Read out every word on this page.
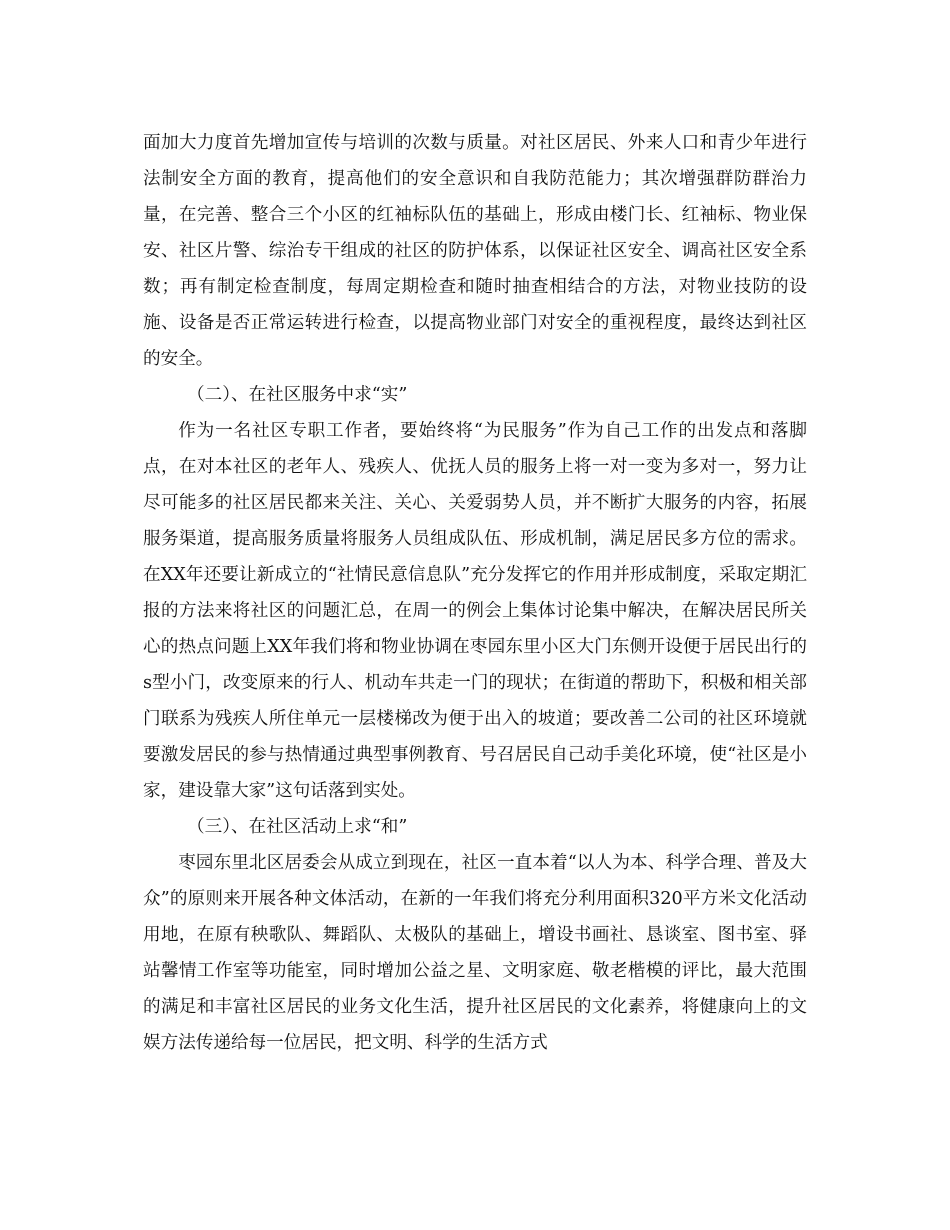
面加大力度首先增加宣传与培训的次数与质量。对社区居民、外来人口和青少年进行法制安全方面的教育，提高他们的安全意识和自我防范能力；其次增强群防群治力量，在完善、整合三个小区的红袖标队伍的基础上，形成由楼门长、红袖标、物业保安、社区片警、综治专干组成的社区的防护体系，以保证社区安全、调高社区安全系数；再有制定检查制度，每周定期检查和随时抽查相结合的方法，对物业技防的设施、设备是否正常运转进行检查，以提高物业部门对安全的重视程度，最终达到社区的安全。

（二）、在社区服务中求“实”

作为一名社区专职工作者，要始终将“为民服务”作为自己工作的出发点和落脚点，在对本社区的老年人、残疾人、优抚人员的服务上将一对一变为多对一，努力让尽可能多的社区居民都来关注、关心、关爱弱势人员，并不断扩大服务的内容，拓展服务渠道，提高服务质量将服务人员组成队伍、形成机制，满足居民多方位的需求。在XX年还要让新成立的“社情民意信息队”充分发挥它的作用并形成制度，采取定期汇报的方法来将社区的问题汇总，在周一的例会上集体讨论集中解决，在解决居民所关心的热点问题上XX年我们将和物业协调在枣园东里小区大门东侧开设便于居民出行的s型小门，改变原来的行人、机动车共走一门的现状；在街道的帮助下，积极和相关部门联系为残疾人所住单元一层楼梯改为便于出入的坡道；要改善二公司的社区环境就要激发居民的参与热情通过典型事例教育、号召居民自己动手美化环境，使“社区是小家，建设靠大家”这句话落到实处。

（三）、在社区活动上求“和”

枣园东里北区居委会从成立到现在，社区一直本着“以人为本、科学合理、普及大众”的原则来开展各种文体活动，在新的一年我们将充分利用面积320平方米文化活动用地，在原有秧歌队、舞蹈队、太极队的基础上，增设书画社、恳谈室、图书室、驿站馨情工作室等功能室，同时增加公益之星、文明家庭、敬老楷模的评比，最大范围的满足和丰富社区居民的业务文化生活，提升社区居民的文化素养，将健康向上的文娱方法传递给每一位居民，把文明、科学的生活方式
